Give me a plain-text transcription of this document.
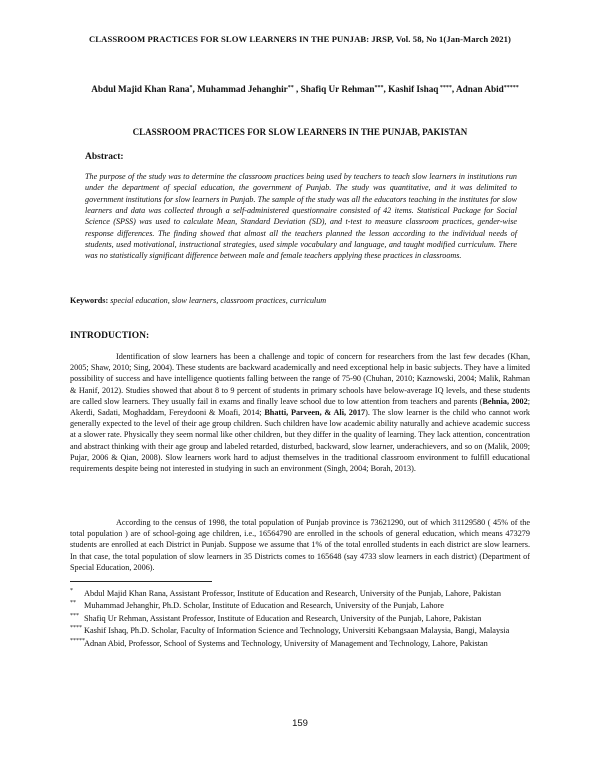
CLASSROOM PRACTICES FOR SLOW LEARNERS IN THE PUNJAB: JRSP, Vol. 58, No 1(Jan-March 2021)
Abdul Majid Khan Rana*, Muhammad Jehanghir** , Shafiq Ur Rehman***, Kashif Ishaq ****, Adnan Abid*****
CLASSROOM PRACTICES FOR SLOW LEARNERS IN THE PUNJAB, PAKISTAN
Abstract:

The purpose of the study was to determine the classroom practices being used by teachers to teach slow learners in institutions run under the department of special education, the government of Punjab. The study was quantitative, and it was delimited to government institutions for slow learners in Punjab. The sample of the study was all the educators teaching in the institutes for slow learners and data was collected through a self-administered questionnaire consisted of 42 items. Statistical Package for Social Science (SPSS) was used to calculate Mean, Standard Deviation (SD), and t-test to measure classroom practices, gender-wise response differences. The finding showed that almost all the teachers planned the lesson according to the individual needs of students, used motivational, instructional strategies, used simple vocabulary and language, and taught modified curriculum. There was no statistically significant difference between male and female teachers applying these practices in classrooms.

Keywords: special education, slow learners, classroom practices, curriculum
INTRODUCTION:

Identification of slow learners has been a challenge and topic of concern for researchers from the last few decades (Khan, 2005; Shaw, 2010; Sing, 2004). These students are backward academically and need exceptional help in basic subjects. They have a limited possibility of success and have intelligence quotients falling between the range of 75-90 (Chuhan, 2010; Kaznowski, 2004; Malik, Rahman & Hanif, 2012). Studies showed that about 8 to 9 percent of students in primary schools have below-average IQ levels, and these students are called slow learners. They usually fail in exams and finally leave school due to low attention from teachers and parents (Behnia, 2002; Akerdi, Sadati, Moghaddam, Fereydooni & Moafi, 2014; Bhatti, Parveen, & Ali, 2017). The slow learner is the child who cannot work generally expected to the level of their age group children. Such children have low academic ability naturally and achieve academic success at a slower rate. Physically they seem normal like other children, but they differ in the quality of learning. They lack attention, concentration and abstract thinking with their age group and labeled retarded, disturbed, backward, slow learner, underachievers, and so on (Malik, 2009; Pujar, 2006 & Qian, 2008). Slow learners work hard to adjust themselves in the traditional classroom environment to fulfill educational requirements despite being not interested in studying in such an environment (Singh, 2004; Borah, 2013).

According to the census of 1998, the total population of Punjab province is 73621290, out of which 31129580 ( 45% of the total population ) are of school-going age children, i.e., 16564790 are enrolled in the schools of general education, which means 473279 students are enrolled at each District in Punjab. Suppose we assume that 1% of the total enrolled students in each district are slow learners. In that case, the total population of slow learners in 35 Districts comes to 165648 (say 4733 slow learners in each district) (Department of Special Education, 2006).

* Abdul Majid Khan Rana, Assistant Professor, Institute of Education and Research, University of the Punjab, Lahore, Pakistan
** Muhammad Jehanghir, Ph.D. Scholar, Institute of Education and Research, University of the Punjab, Lahore
*** Shafiq Ur Rehman, Assistant Professor, Institute of Education and Research, University of the Punjab, Lahore, Pakistan
**** Kashif Ishaq, Ph.D. Scholar, Faculty of Information Science and Technology, Universiti Kebangsaan Malaysia, Bangi, Malaysia
***** Adnan Abid, Professor, School of Systems and Technology, University of Management and Technology, Lahore, Pakistan
159
